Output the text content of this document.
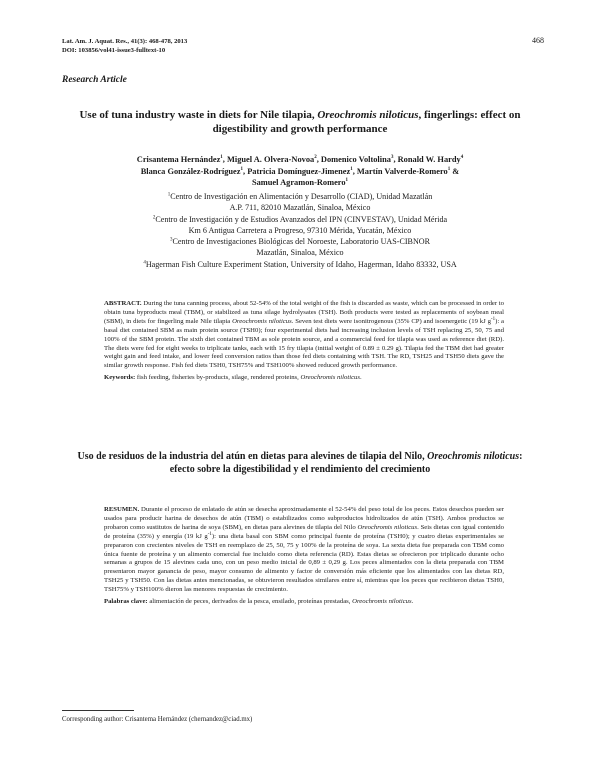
Lat. Am. J. Aquat. Res., 41(3): 468-478, 2013
DOI: 103856/vol41-issue3-fulltext-10
468
Research Article
Use of tuna industry waste in diets for Nile tilapia, Oreochromis niloticus, fingerlings: effect on digestibility and growth performance
Crisantema Hernández$^1$, Miguel A. Olvera-Novoa$^2$, Domenico Voltolina$^3$, Ronald W. Hardy$^4$
Blanca González-Rodríguez$^1$, Patricia Domínguez-Jimenez$^1$, Martín Valverde-Romero$^1$ &
Samuel Agramon-Romero$^1$
$^1$Centro de Investigación en Alimentación y Desarrollo (CIAD), Unidad Mazatlán
A.P. 711, 82010 Mazatlán, Sinaloa, México
$^2$Centro de Investigación y de Estudios Avanzados del IPN (CINVESTAV), Unidad Mérida
Km 6 Antigua Carretera a Progreso, 97310 Mérida, Yucatán, México
$^3$Centro de Investigaciones Biológicas del Noroeste, Laboratorio UAS-CIBNOR
Mazatlán, Sinaloa, México
$^4$Hagerman Fish Culture Experiment Station, University of Idaho, Hagerman, Idaho 83332, USA

ABSTRACT. During the tuna canning process, about 52-54% of the total weight of the fish is discarded as waste, which can be processed in order to obtain tuna byproducts meal (TBM), or stabilized as tuna silage hydrolysates (TSH). Both products were tested as replacements of soybean meal (SBM), in diets for fingerling male Nile tilapia Oreochromis niloticus. Seven test diets were isonitrogenous (35% CP) and isoenergetic (19 kJ $g^{-1}$): a basal diet contained SBM as main protein source (TSH0); four experimental diets had increasing inclusion levels of TSH replacing 25, 50, 75 and 100% of the SBM protein. The sixth diet contained TBM as sole protein source, and a commercial feed for tilapia was used as reference diet (RD). The diets were fed for eight weeks to triplicate tanks, each with 15 fry tilapia (initial weight of 0.89 ± 0.29 g). Tilapia fed the TBM diet had greater weight gain and feed intake, and lower feed conversion ratios than those fed diets containing with TSH. The RD, TSH25 and TSH50 diets gave the similar growth response. Fish fed diets TSH0, TSH75% and TSH100% showed reduced growth performance.

Keywords: fish feeding, fisheries by-products, silage, rendered proteins, Oreochromis niloticus.

Uso de residuos de la industria del atún en dietas para alevines de tilapia del Nilo, Oreochromis niloticus: efecto sobre la digestibilidad y el rendimiento del crecimiento

RESUMEN. Durante el proceso de enlatado de atún se desecha aproximadamente el 52-54% del peso total de los peces. Estos desechos pueden ser usados para producir harina de desechos de atún (TBM) o estabilizados como subproductos hidrolizados de atún (TSH). Ambos productos se probaron como sustitutos de harina de soya (SBM), en dietas para alevines de tilapia del Nilo Oreochromis niloticus. Seis dietas con igual contenido de proteína (35%) y energía (19 kJ $g^{-1}$): una dieta basal con SBM como principal fuente de proteína (TSH0); y cuatro dietas experimentales se prepararon con crecientes niveles de TSH en reemplazo de 25, 50, 75 y 100% de la proteína de soya. La sexta dieta fue preparada con TBM como única fuente de proteína y un alimento comercial fue incluido como dieta referencia (RD). Estas dietas se ofrecieron por triplicado durante ocho semanas a grupos de 15 alevines cada uno, con un peso medio inicial de 0,89 ± 0,29 g. Los peces alimentados con la dieta preparada con TBM presentaron mayor ganancia de peso, mayor consumo de alimento y factor de conversión más eficiente que los alimentados con las dietas RD, TSH25 y TSH50. Con las dietas antes mencionadas, se obtuvieron resultados similares entre sí, mientras que los peces que recibieron dietas TSH0, TSH75% y TSH100% dieron las menores respuestas de crecimiento.

Palabras clave: alimentación de peces, derivados de la pesca, ensilado, proteínas prestadas, Oreochromis niloticus.

Corresponding author: Crisantema Hernández (chernandez@ciad.mx)
